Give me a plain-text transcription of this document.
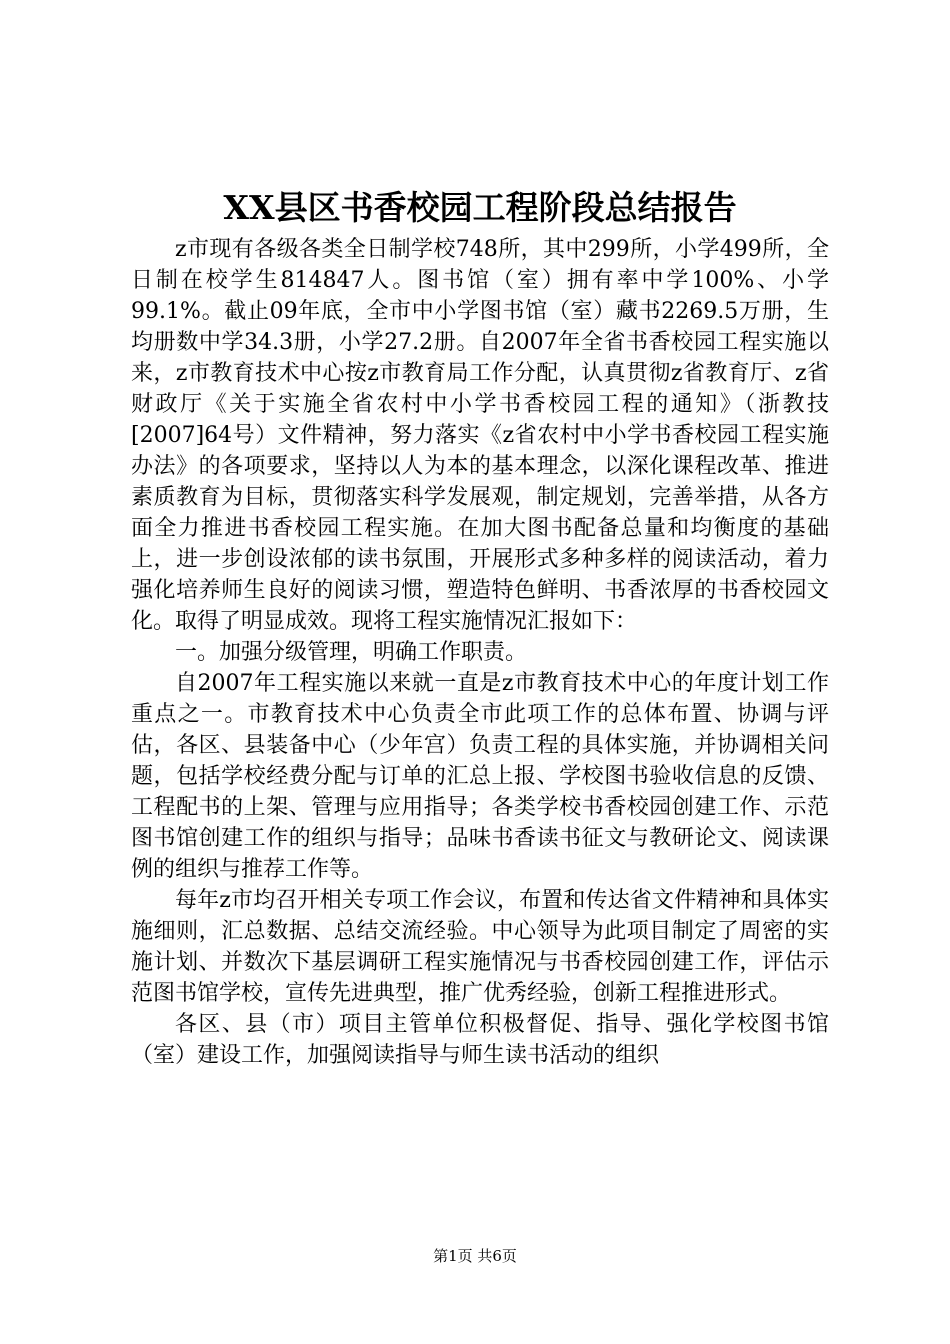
XX县区书香校园工程阶段总结报告

z市现有各级各类全日制学校748所，其中299所，小学499所，全日制在校学生814847人。图书馆（室）拥有率中学100%、小学99.1%。截止09年底，全市中小学图书馆（室）藏书2269.5万册，生均册数中学34.3册，小学27.2册。自2007年全省书香校园工程实施以来，z市教育技术中心按z市教育局工作分配，认真贯彻z省教育厅、z省财政厅《关于实施全省农村中小学书香校园工程的通知》（浙教技[2007]64号）文件精神，努力落实《z省农村中小学书香校园工程实施办法》的各项要求，坚持以人为本的基本理念，以深化课程改革、推进素质教育为目标，贯彻落实科学发展观，制定规划，完善举措，从各方面全力推进书香校园工程实施。在加大图书配备总量和均衡度的基础上，进一步创设浓郁的读书氛围，开展形式多种多样的阅读活动，着力强化培养师生良好的阅读习惯，塑造特色鲜明、书香浓厚的书香校园文化。取得了明显成效。现将工程实施情况汇报如下：

一。加强分级管理，明确工作职责。

自2007年工程实施以来就一直是z市教育技术中心的年度计划工作重点之一。市教育技术中心负责全市此项工作的总体布置、协调与评估，各区、县装备中心（少年宫）负责工程的具体实施，并协调相关问题，包括学校经费分配与订单的汇总上报、学校图书验收信息的反馈、工程配书的上架、管理与应用指导；各类学校书香校园创建工作、示范图书馆创建工作的组织与指导；品味书香读书征文与教研论文、阅读课例的组织与推荐工作等。

每年z市均召开相关专项工作会议，布置和传达省文件精神和具体实施细则，汇总数据、总结交流经验。中心领导为此项目制定了周密的实施计划、并数次下基层调研工程实施情况与书香校园创建工作，评估示范图书馆学校，宣传先进典型，推广优秀经验，创新工程推进形式。

各区、县（市）项目主管单位积极督促、指导、强化学校图书馆（室）建设工作，加强阅读指导与师生读书活动的组织

第1页 共6页
